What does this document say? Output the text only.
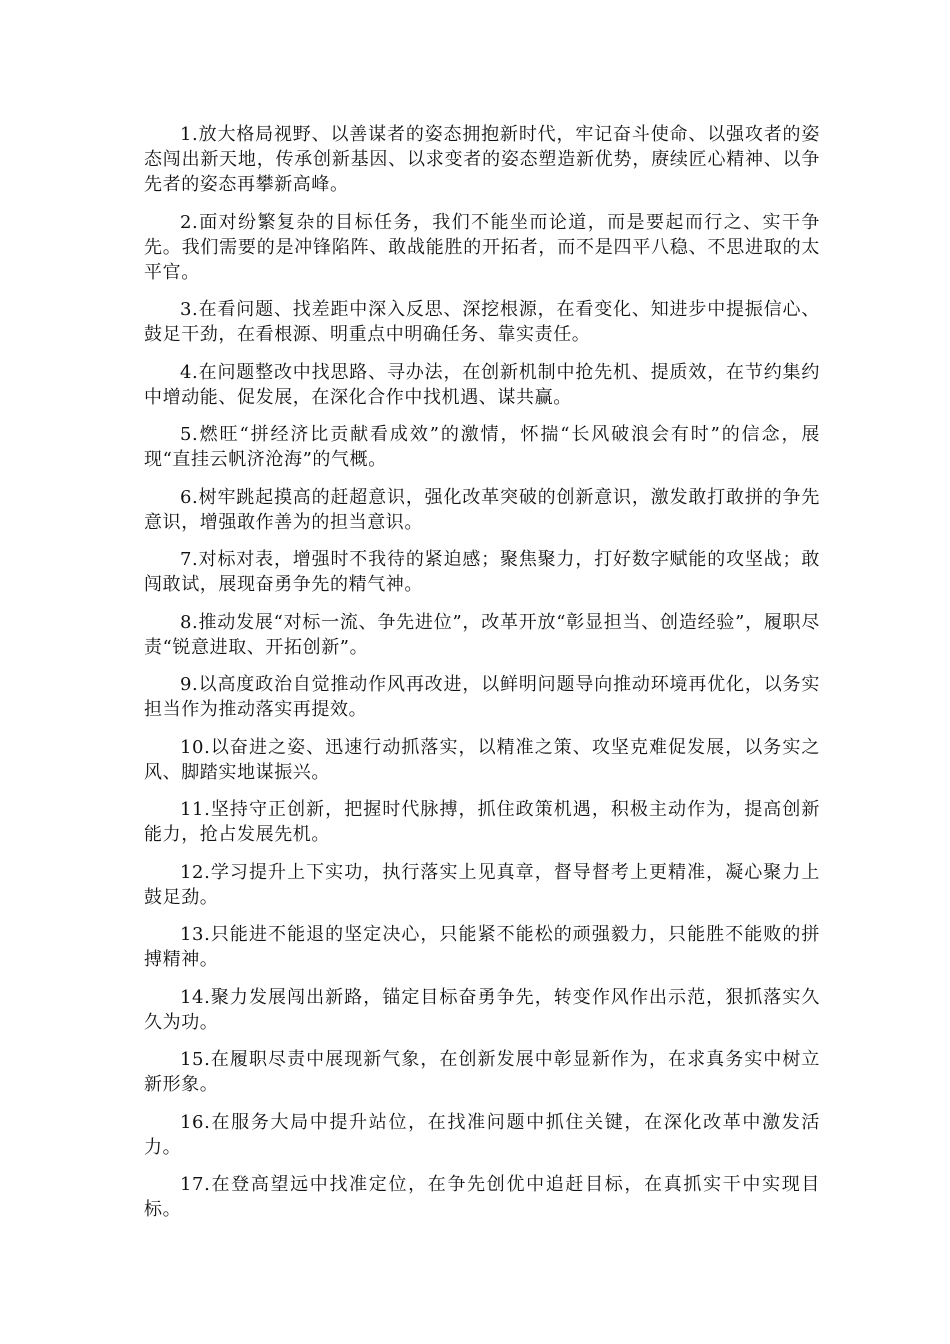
1.放大格局视野、以善谋者的姿态拥抱新时代，牢记奋斗使命、以强攻者的姿态闯出新天地，传承创新基因、以求变者的姿态塑造新优势，赓续匠心精神、以争先者的姿态再攀新高峰。

2.面对纷繁复杂的目标任务，我们不能坐而论道，而是要起而行之、实干争先。我们需要的是冲锋陷阵、敢战能胜的开拓者，而不是四平八稳、不思进取的太平官。

3.在看问题、找差距中深入反思、深挖根源，在看变化、知进步中提振信心、鼓足干劲，在看根源、明重点中明确任务、靠实责任。

4.在问题整改中找思路、寻办法，在创新机制中抢先机、提质效，在节约集约中增动能、促发展，在深化合作中找机遇、谋共赢。

5.燃旺“拼经济比贡献看成效”的激情，怀揣“长风破浪会有时”的信念，展现“直挂云帆济沧海”的气概。

6.树牢跳起摸高的赶超意识，强化改革突破的创新意识，激发敢打敢拼的争先意识，增强敢作善为的担当意识。

7.对标对表，增强时不我待的紧迫感；聚焦聚力，打好数字赋能的攻坚战；敢闯敢试，展现奋勇争先的精气神。

8.推动发展“对标一流、争先进位”，改革开放“彰显担当、创造经验”，履职尽责“锐意进取、开拓创新”。

9.以高度政治自觉推动作风再改进，以鲜明问题导向推动环境再优化，以务实担当作为推动落实再提效。

10.以奋进之姿、迅速行动抓落实，以精准之策、攻坚克难促发展，以务实之风、脚踏实地谋振兴。

11.坚持守正创新，把握时代脉搏，抓住政策机遇，积极主动作为，提高创新能力，抢占发展先机。

12.学习提升上下实功，执行落实上见真章，督导督考上更精准，凝心聚力上鼓足劲。

13.只能进不能退的坚定决心，只能紧不能松的顽强毅力，只能胜不能败的拼搏精神。

14.聚力发展闯出新路，锚定目标奋勇争先，转变作风作出示范，狠抓落实久久为功。

15.在履职尽责中展现新气象，在创新发展中彰显新作为，在求真务实中树立新形象。

16.在服务大局中提升站位，在找准问题中抓住关键，在深化改革中激发活力。

17.在登高望远中找准定位，在争先创优中追赶目标，在真抓实干中实现目标。
